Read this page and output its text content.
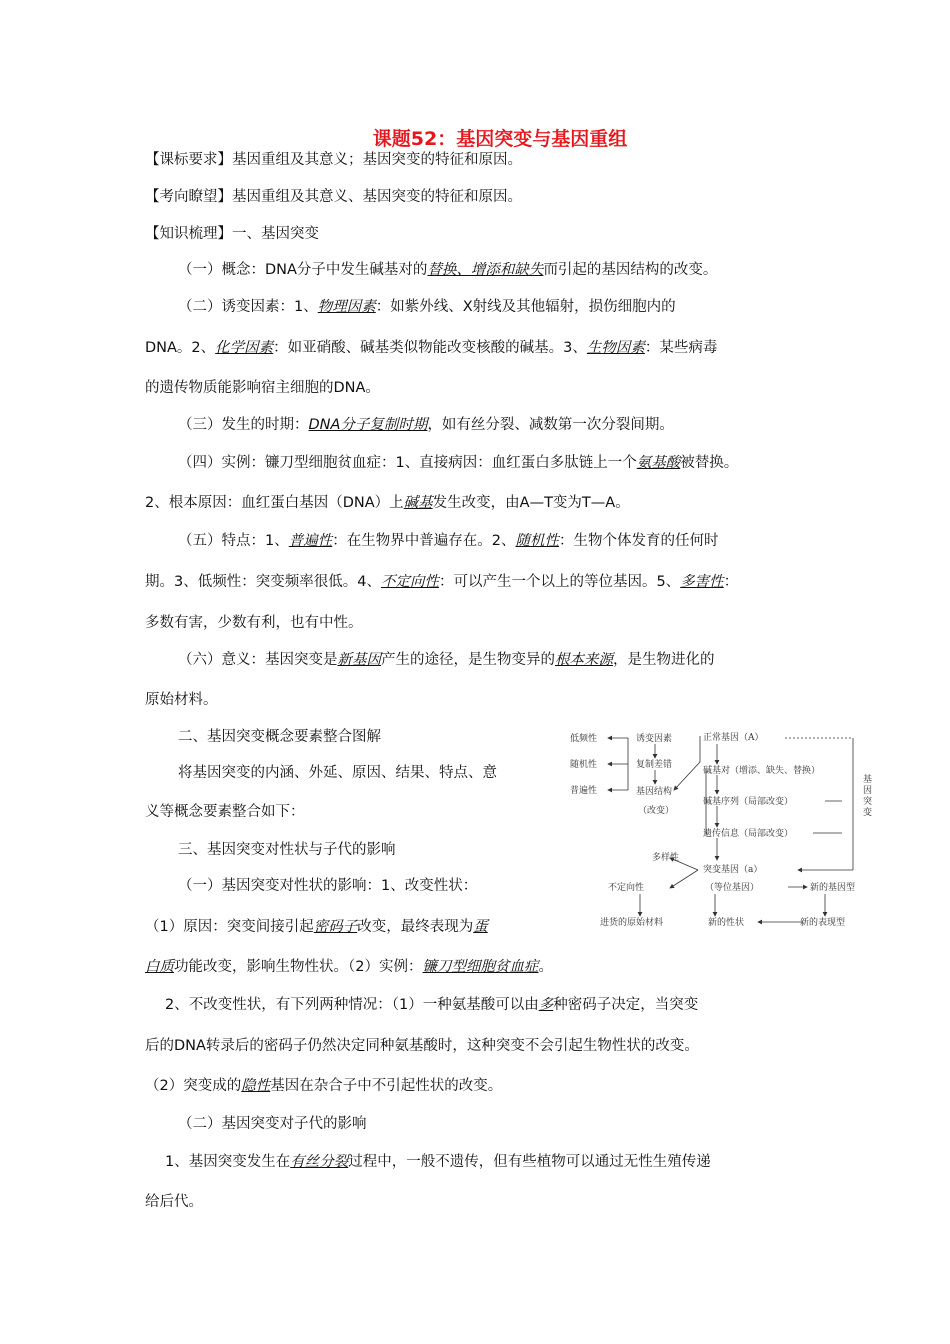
课题52：基因突变与基因重组
【课标要求】基因重组及其意义；基因突变的特征和原因。
【考向瞭望】基因重组及其意义、基因突变的特征和原因。
【知识梳理】一、基因突变
（一）概念：DNA分子中发生碱基对的替换、增添和缺失而引起的基因结构的改变。
（二）诱变因素：1、物理因素：如紫外线、X射线及其他辐射，损伤细胞内的
DNA。2、化学因素：如亚硝酸、碱基类似物能改变核酸的碱基。3、生物因素：某些病毒
的遗传物质能影响宿主细胞的DNA。
（三）发生的时期：DNA分子复制时期，如有丝分裂、减数第一次分裂间期。
（四）实例：镰刀型细胞贫血症：1、直接病因：血红蛋白多肽链上一个氨基酸被替换。
2、根本原因：血红蛋白基因（DNA）上碱基发生改变，由A—T变为T—A。
（五）特点：1、普遍性：在生物界中普遍存在。2、随机性：生物个体发育的任何时
期。3、低频性：突变频率很低。4、不定向性：可以产生一个以上的等位基因。5、多害性：
多数有害，少数有利，也有中性。
（六）意义：基因突变是新基因产生的途径，是生物变异的根本来源，是生物进化的
原始材料。
二、基因突变概念要素整合图解
将基因突变的内涵、外延、原因、结果、特点、意
义等概念要素整合如下：
三、基因突变对性状与子代的影响
（一）基因突变对性状的影响：1、改变性状：
（1）原因：突变间接引起密码子改变，最终表现为蛋
白质功能改变，影响生物性状。（2）实例：镰刀型细胞贫血症。
2、不改变性状，有下列两种情况：（1）一种氨基酸可以由多种密码子决定，当突变
后的DNA转录后的密码子仍然决定同种氨基酸时，这种突变不会引起生物性状的改变。
（2）突变成的隐性基因在杂合子中不引起性状的改变。
（二）基因突变对子代的影响
1、基因突变发生在有丝分裂过程中，一般不遗传，但有些植物可以通过无性生殖传递
给后代。
低频性
随机性
普遍性
诱变因素
复制差错
基因结构
（改变）
正常基因（A）
碱基对（增添、缺失、替换）
碱基序列（局部改变）
遗传信息（局部改变）
突变基因（a）
（等位基因）	新的基因型
多样性
不定向性
进货的原始材料	新的性状	新的表现型
基因突变
